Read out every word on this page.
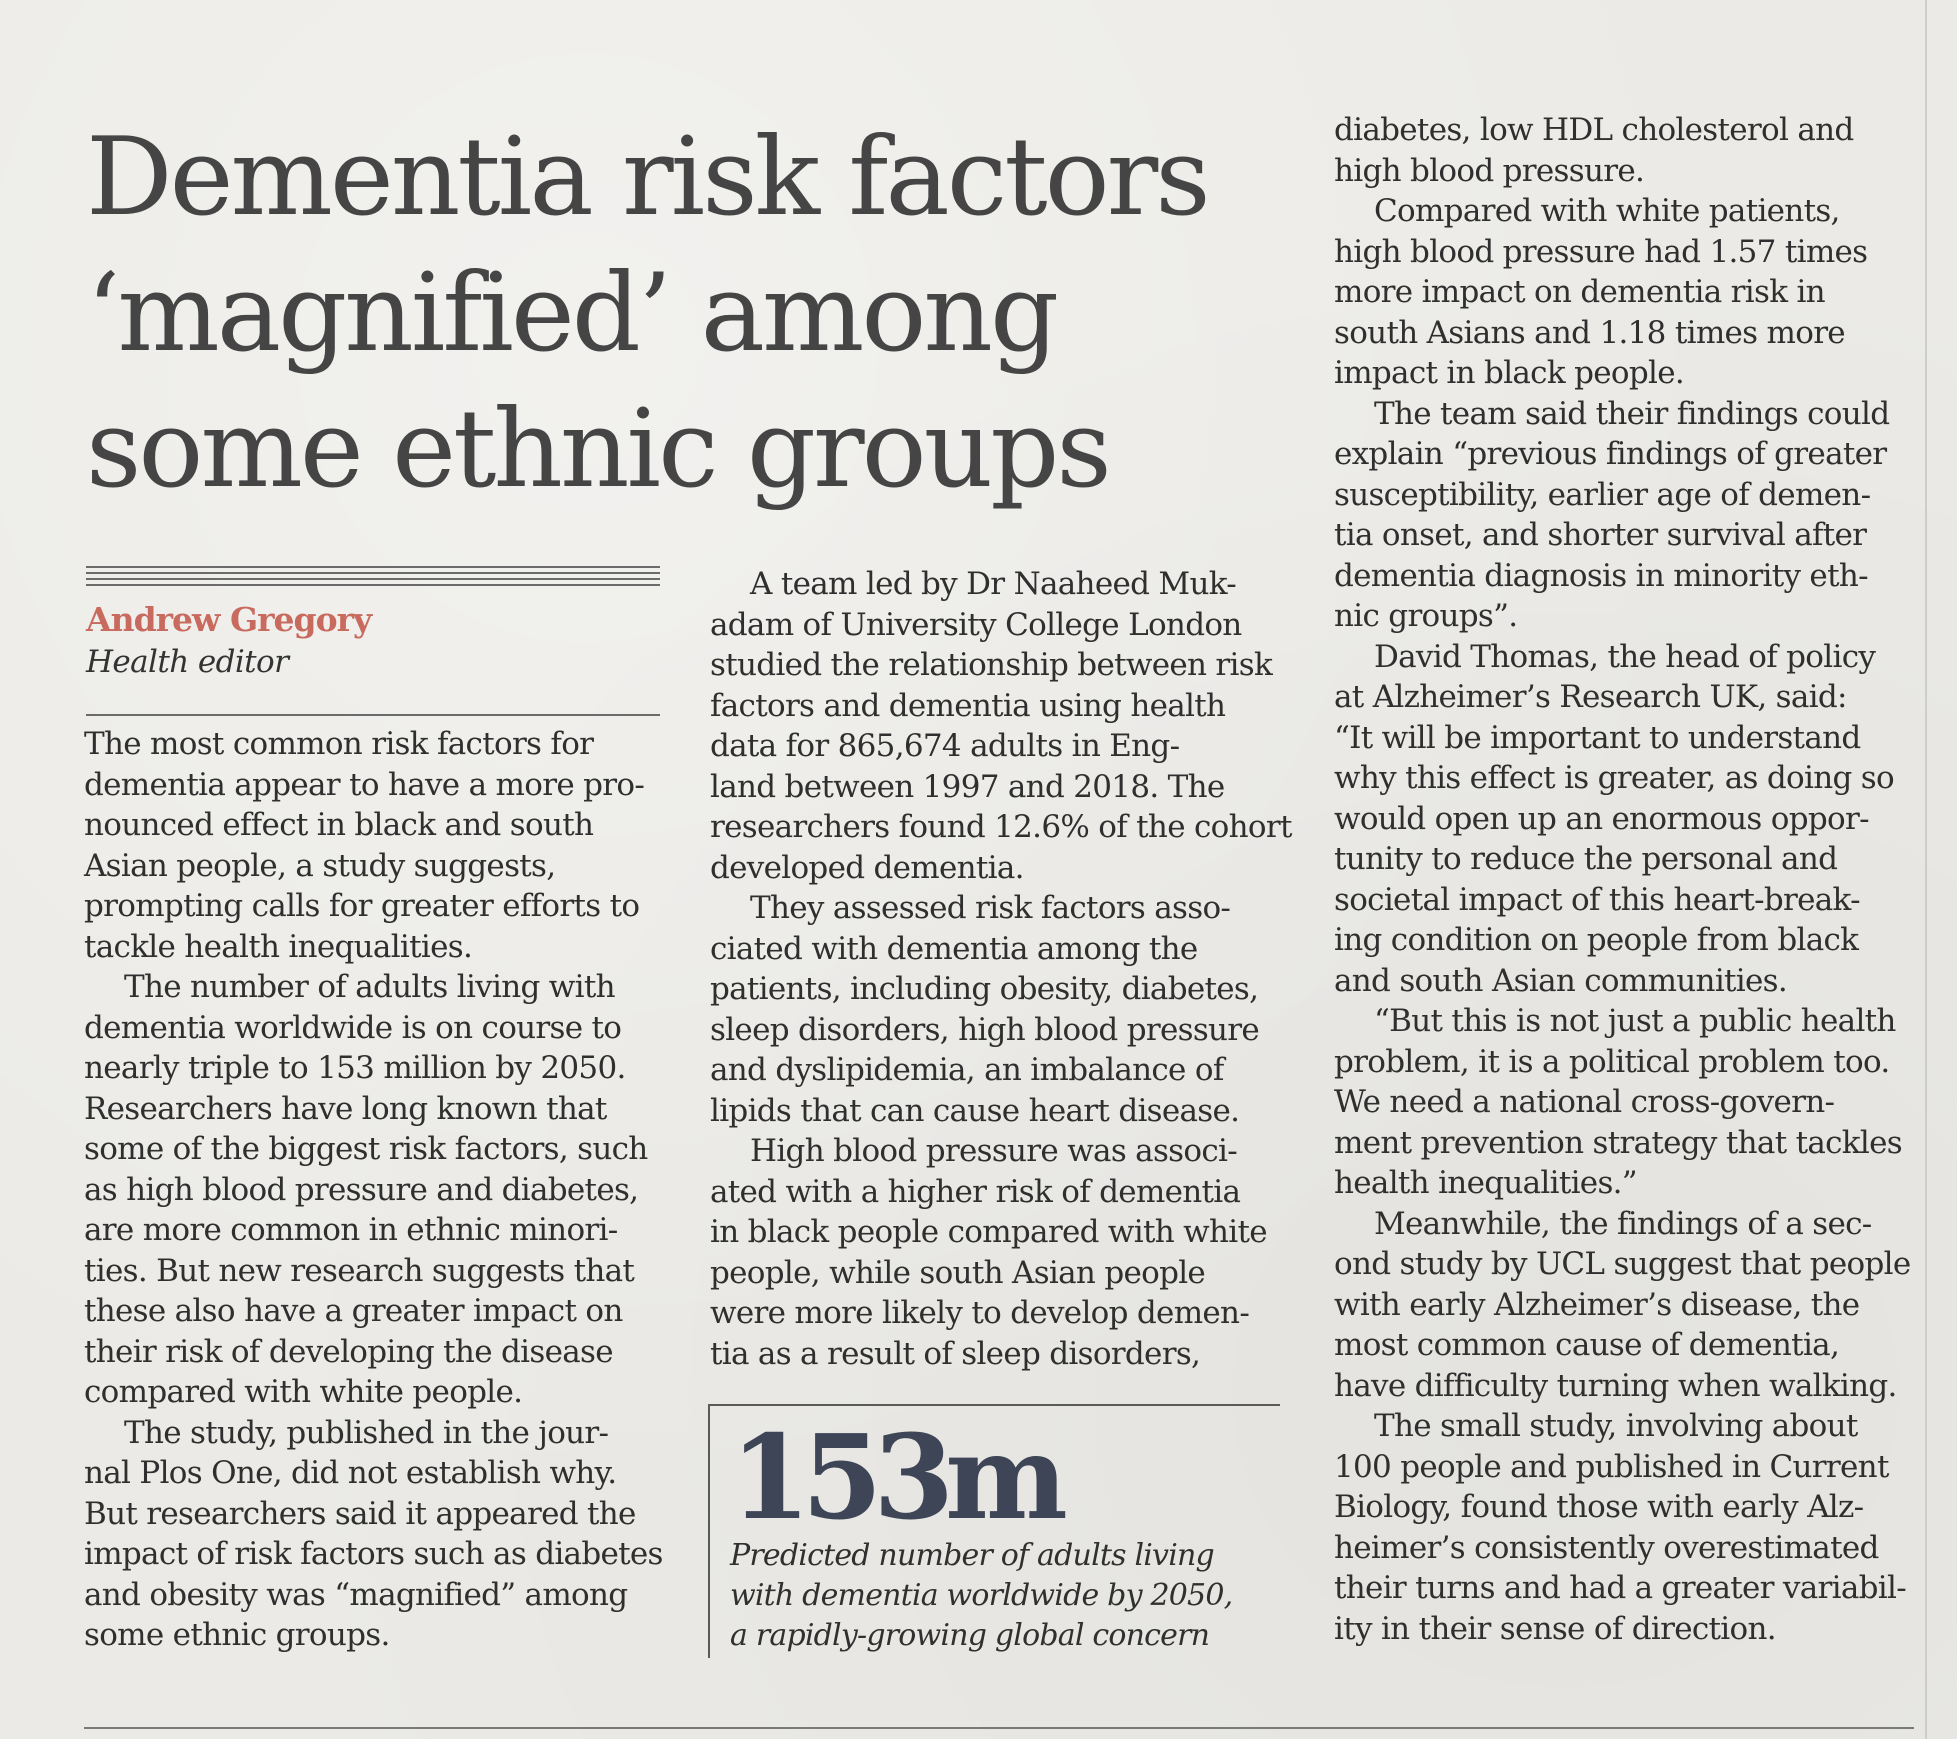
Dementia risk factors
‘magnified’ among
some ethnic groups
Andrew Gregory
Health editor
The most common risk factors for
dementia appear to have a more pro-
nounced effect in black and south
Asian people, a study suggests,
prompting calls for greater efforts to
tackle health inequalities.
The number of adults living with
dementia worldwide is on course to
nearly triple to 153 million by 2050.
Researchers have long known that
some of the biggest risk factors, such
as high blood pressure and diabetes,
are more common in ethnic minori-
ties. But new research suggests that
these also have a greater impact on
their risk of developing the disease
compared with white people.
The study, published in the jour-
nal Plos One, did not establish why.
But researchers said it appeared the
impact of risk factors such as diabetes
and obesity was “magnified” among
some ethnic groups.
A team led by Dr Naaheed Muk-
adam of University College London
studied the relationship between risk
factors and dementia using health
data for 865,674 adults in Eng-
land between 1997 and 2018. The
researchers found 12.6% of the cohort
developed dementia.
They assessed risk factors asso-
ciated with dementia among the
patients, including obesity, diabetes,
sleep disorders, high blood pressure
and dyslipidemia, an imbalance of
lipids that can cause heart disease.
High blood pressure was associ-
ated with a higher risk of dementia
in black people compared with white
people, while south Asian people
were more likely to develop demen-
tia as a result of sleep disorders,
153m
Predicted number of adults living
with dementia worldwide by 2050,
a rapidly-growing global concern
diabetes, low HDL cholesterol and
high blood pressure.
Compared with white patients,
high blood pressure had 1.57 times
more impact on dementia risk in
south Asians and 1.18 times more
impact in black people.
The team said their findings could
explain “previous findings of greater
susceptibility, earlier age of demen-
tia onset, and shorter survival after
dementia diagnosis in minority eth-
nic groups”.
David Thomas, the head of policy
at Alzheimer’s Research UK, said:
“It will be important to understand
why this effect is greater, as doing so
would open up an enormous oppor-
tunity to reduce the personal and
societal impact of this heart-break-
ing condition on people from black
and south Asian communities.
“But this is not just a public health
problem, it is a political problem too.
We need a national cross-govern-
ment prevention strategy that tackles
health inequalities.”
Meanwhile, the findings of a sec-
ond study by UCL suggest that people
with early Alzheimer’s disease, the
most common cause of dementia,
have difficulty turning when walking.
The small study, involving about
100 people and published in Current
Biology, found those with early Alz-
heimer’s consistently overestimated
their turns and had a greater variabil-
ity in their sense of direction.
